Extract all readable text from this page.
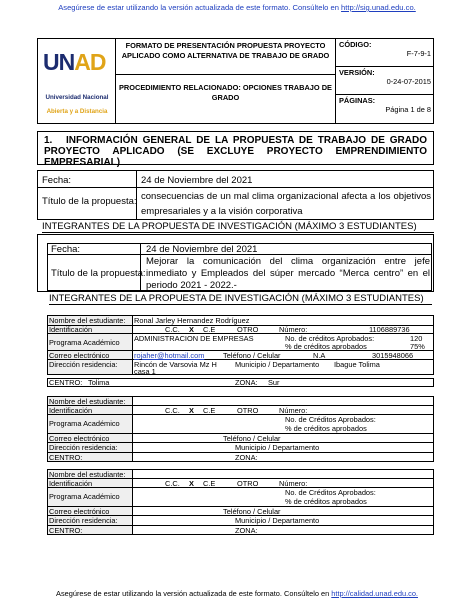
Asegúrese de estar utilizando la versión actualizada de este formato. Consúltelo en http://sig.unad.edu.co.
UNAD
Universidad Nacional
Abierta y a Distancia
FORMATO DE PRESENTACIÓN PROPUESTA PROYECTO APLICADO COMO ALTERNATIVA DE TRABAJO DE GRADO
PROCEDIMIENTO RELACIONADO: OPCIONES TRABAJO DE GRADO
CÓDIGO:
F-7-9-1
VERSIÓN:
0-24-07-2015
PÁGINAS:
Página 1 de 8
1. INFORMACIÓN GENERAL DE LA PROPUESTA DE TRABAJO DE GRADO PROYECTO APLICADO (SE EXCLUYE PROYECTO EMPRENDIMIENTO EMPRESARIAL)
Fecha:	24 de Noviembre del 2021
Título de la propuesta: consecuencias de un mal clima organizacional afecta a los objetivos empresariales y a la visión corporativa
INTEGRANTES DE LA PROPUESTA DE INVESTIGACIÓN (MÁXIMO 3 ESTUDIANTES)
Fecha:	24 de Noviembre del 2021
Título de la propuesta:
Mejorar la comunicación del clima organización entre jefe inmediato y Empleados del súper mercado “Merca centro” en el periodo 2021 - 2022.-
INTEGRANTES DE LA PROPUESTA DE INVESTIGACIÓN (MÁXIMO 3 ESTUDIANTES)
Nombre del estudiante: Ronal Jarley Hernandez Rodríguez
Identificación	C.C. X C.E	OTRO	Número:	1106889736
Programa Académico ADMINISTRACION DE EMPRESAS	No. de créditos Aprobados:	120
% de créditos aprobados	75%
Correo electrónico	rojaher@hotmail.com	Teléfono / Celular	N.A	3015948066
Dirección residencia: Rincón de Varsovia Mz H
casa 1
Municipio / Departamento Ibague Tolima
CENTRO: Tolima	ZONA: Sur
Nombre del estudiante:
Identificación	C.C. X C.E	OTRO	Número:
Programa Académico	No. de Créditos Aprobados:
% de créditos aprobados
Correo electrónico	Teléfono / Celular
Dirección residencia:	Municipio / Departamento
CENTRO:	ZONA:
Nombre del estudiante:
Identificación	C.C. X C.E	OTRO	Número:
Programa Académico	No. de Créditos Aprobados:
% de créditos aprobados
Correo electrónico	Teléfono / Celular
Dirección residencia:	Municipio / Departamento
CENTRO:	ZONA:
Asegúrese de estar utilizando la versión actualizada de este formato. Consúltelo en http://calidad.unad.edu.co.
